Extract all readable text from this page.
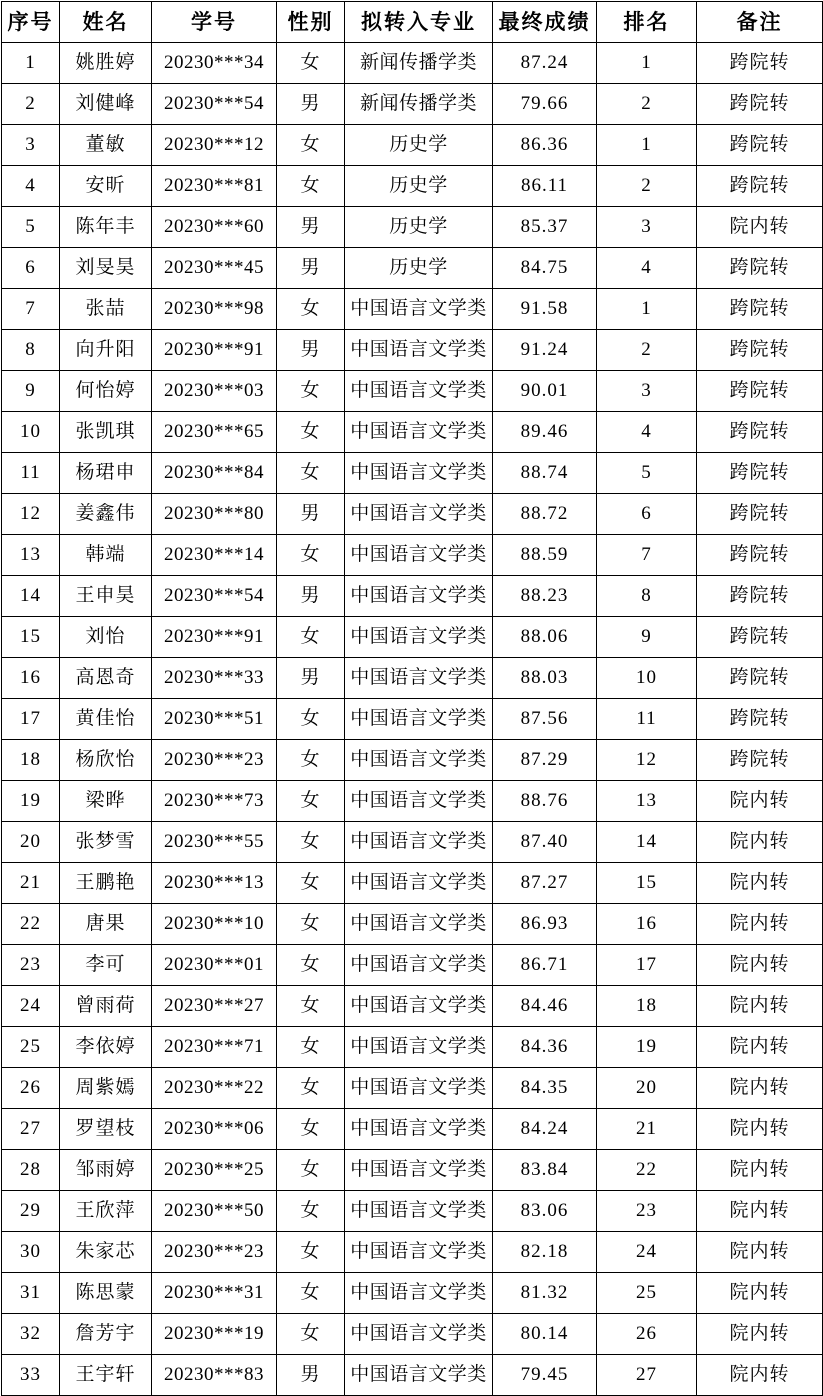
序号	姓名	学号	性别	拟转入专业	最终成绩	排名	备注
1	姚胜婷	20230***34	女	新闻传播学类	87.24	1	跨院转
2	刘健峰	20230***54	男	新闻传播学类	79.66	2	跨院转
3	董敏	20230***12	女	历史学	86.36	1	跨院转
4	安昕	20230***81	女	历史学	86.11	2	跨院转
5	陈年丰	20230***60	男	历史学	85.37	3	院内转
6	刘旻昊	20230***45	男	历史学	84.75	4	跨院转
7	张喆	20230***98	女	中国语言文学类	91.58	1	跨院转
8	向升阳	20230***91	男	中国语言文学类	91.24	2	跨院转
9	何怡婷	20230***03	女	中国语言文学类	90.01	3	跨院转
10	张凯琪	20230***65	女	中国语言文学类	89.46	4	跨院转
11	杨珺申	20230***84	女	中国语言文学类	88.74	5	跨院转
12	姜鑫伟	20230***80	男	中国语言文学类	88.72	6	跨院转
13	韩端	20230***14	女	中国语言文学类	88.59	7	跨院转
14	王申昊	20230***54	男	中国语言文学类	88.23	8	跨院转
15	刘怡	20230***91	女	中国语言文学类	88.06	9	跨院转
16	高恩奇	20230***33	男	中国语言文学类	88.03	10	跨院转
17	黄佳怡	20230***51	女	中国语言文学类	87.56	11	跨院转
18	杨欣怡	20230***23	女	中国语言文学类	87.29	12	跨院转
19	梁晔	20230***73	女	中国语言文学类	88.76	13	院内转
20	张梦雪	20230***55	女	中国语言文学类	87.40	14	院内转
21	王鹏艳	20230***13	女	中国语言文学类	87.27	15	院内转
22	唐果	20230***10	女	中国语言文学类	86.93	16	院内转
23	李可	20230***01	女	中国语言文学类	86.71	17	院内转
24	曾雨荷	20230***27	女	中国语言文学类	84.46	18	院内转
25	李依婷	20230***71	女	中国语言文学类	84.36	19	院内转
26	周紫嫣	20230***22	女	中国语言文学类	84.35	20	院内转
27	罗望枝	20230***06	女	中国语言文学类	84.24	21	院内转
28	邹雨婷	20230***25	女	中国语言文学类	83.84	22	院内转
29	王欣萍	20230***50	女	中国语言文学类	83.06	23	院内转
30	朱家芯	20230***23	女	中国语言文学类	82.18	24	院内转
31	陈思蒙	20230***31	女	中国语言文学类	81.32	25	院内转
32	詹芳宇	20230***19	女	中国语言文学类	80.14	26	院内转
33	王宇轩	20230***83	男	中国语言文学类	79.45	27	院内转
